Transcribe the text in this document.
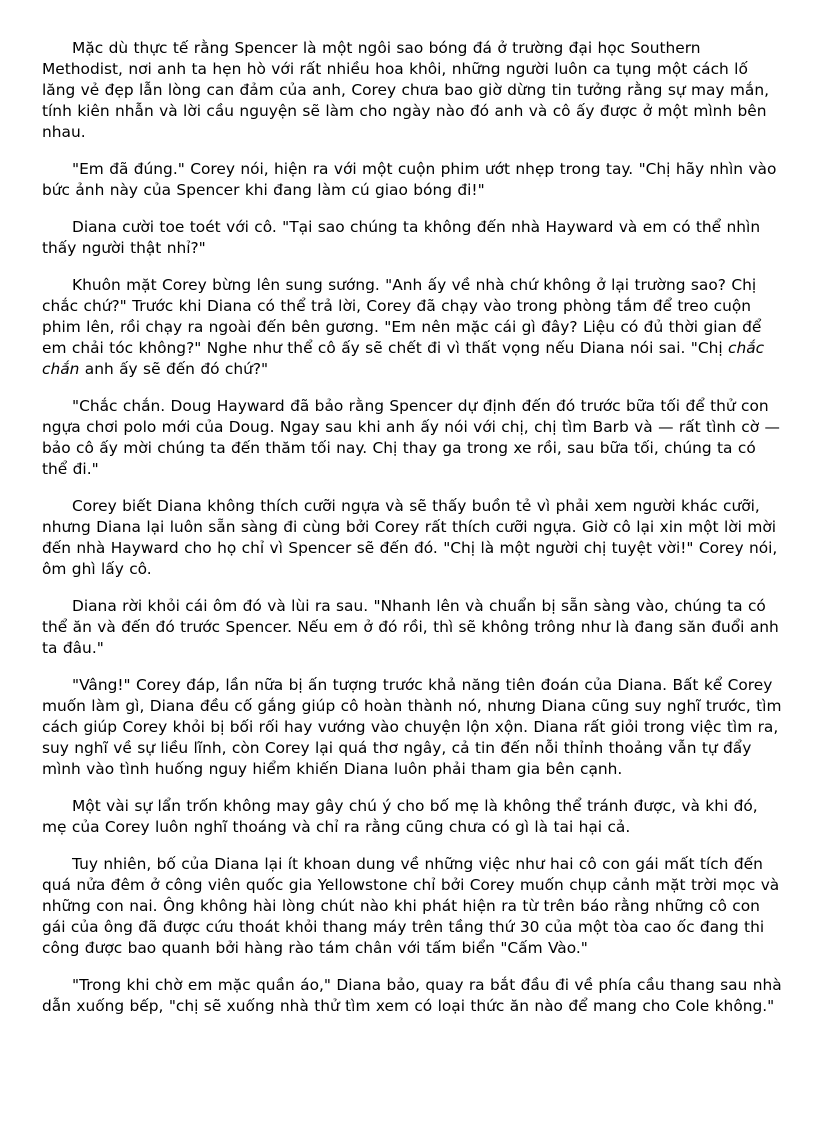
Mặc dù thực tế rằng Spencer là một ngôi sao bóng đá ở trường đại học Southern Methodist, nơi anh ta hẹn hò với rất nhiều hoa khôi, những người luôn ca tụng một cách lố lăng vẻ đẹp lẫn lòng can đảm của anh, Corey chưa bao giờ dừng tin tưởng rằng sự may mắn, tính kiên nhẫn và lời cầu nguyện sẽ làm cho ngày nào đó anh và cô ấy được ở một mình bên nhau.

"Em đã đúng." Corey nói, hiện ra với một cuộn phim ướt nhẹp trong tay. "Chị hãy nhìn vào bức ảnh này của Spencer khi đang làm cú giao bóng đi!"

Diana cười toe toét với cô. "Tại sao chúng ta không đến nhà Hayward và em có thể nhìn thấy người thật nhỉ?"

Khuôn mặt Corey bừng lên sung sướng. "Anh ấy về nhà chứ không ở lại trường sao? Chị chắc chứ?" Trước khi Diana có thể trả lời, Corey đã chạy vào trong phòng tắm để treo cuộn phim lên, rồi chạy ra ngoài đến bên gương. "Em nên mặc cái gì đây? Liệu có đủ thời gian để em chải tóc không?" Nghe như thể cô ấy sẽ chết đi vì thất vọng nếu Diana nói sai. "Chị chắc chắn anh ấy sẽ đến đó chứ?"

"Chắc chắn. Doug Hayward đã bảo rằng Spencer dự định đến đó trước bữa tối để thử con ngựa chơi polo mới của Doug. Ngay sau khi anh ấy nói với chị, chị tìm Barb và — rất tình cờ — bảo cô ấy mời chúng ta đến thăm tối nay. Chị thay ga trong xe rồi, sau bữa tối, chúng ta có thể đi."

Corey biết Diana không thích cưỡi ngựa và sẽ thấy buồn tẻ vì phải xem người khác cưỡi, nhưng Diana lại luôn sẵn sàng đi cùng bởi Corey rất thích cưỡi ngựa. Giờ cô lại xin một lời mời đến nhà Hayward cho họ chỉ vì Spencer sẽ đến đó. "Chị là một người chị tuyệt vời!" Corey nói, ôm ghì lấy cô.

Diana rời khỏi cái ôm đó và lùi ra sau. "Nhanh lên và chuẩn bị sẵn sàng vào, chúng ta có thể ăn và đến đó trước Spencer. Nếu em ở đó rồi, thì sẽ không trông như là đang săn đuổi anh ta đâu."

"Vâng!" Corey đáp, lần nữa bị ấn tượng trước khả năng tiên đoán của Diana. Bất kể Corey muốn làm gì, Diana đều cố gắng giúp cô hoàn thành nó, nhưng Diana cũng suy nghĩ trước, tìm cách giúp Corey khỏi bị bối rối hay vướng vào chuyện lộn xộn. Diana rất giỏi trong việc tìm ra, suy nghĩ về sự liều lĩnh, còn Corey lại quá thơ ngây, cả tin đến nỗi thỉnh thoảng vẫn tự đẩy mình vào tình huống nguy hiểm khiến Diana luôn phải tham gia bên cạnh.

Một vài sự lẩn trốn không may gây chú ý cho bố mẹ là không thể tránh được, và khi đó, mẹ của Corey luôn nghĩ thoáng và chỉ ra rằng cũng chưa có gì là tai hại cả.

Tuy nhiên, bố của Diana lại ít khoan dung về những việc như hai cô con gái mất tích đến quá nửa đêm ở công viên quốc gia Yellowstone chỉ bởi Corey muốn chụp cảnh mặt trời mọc và những con nai. Ông không hài lòng chút nào khi phát hiện ra từ trên báo rằng những cô con gái của ông đã được cứu thoát khỏi thang máy trên tầng thứ 30 của một tòa cao ốc đang thi công được bao quanh bởi hàng rào tám chân với tấm biển "Cấm Vào."

"Trong khi chờ em mặc quần áo," Diana bảo, quay ra bắt đầu đi về phía cầu thang sau nhà dẫn xuống bếp, "chị sẽ xuống nhà thử tìm xem có loại thức ăn nào để mang cho Cole không."
